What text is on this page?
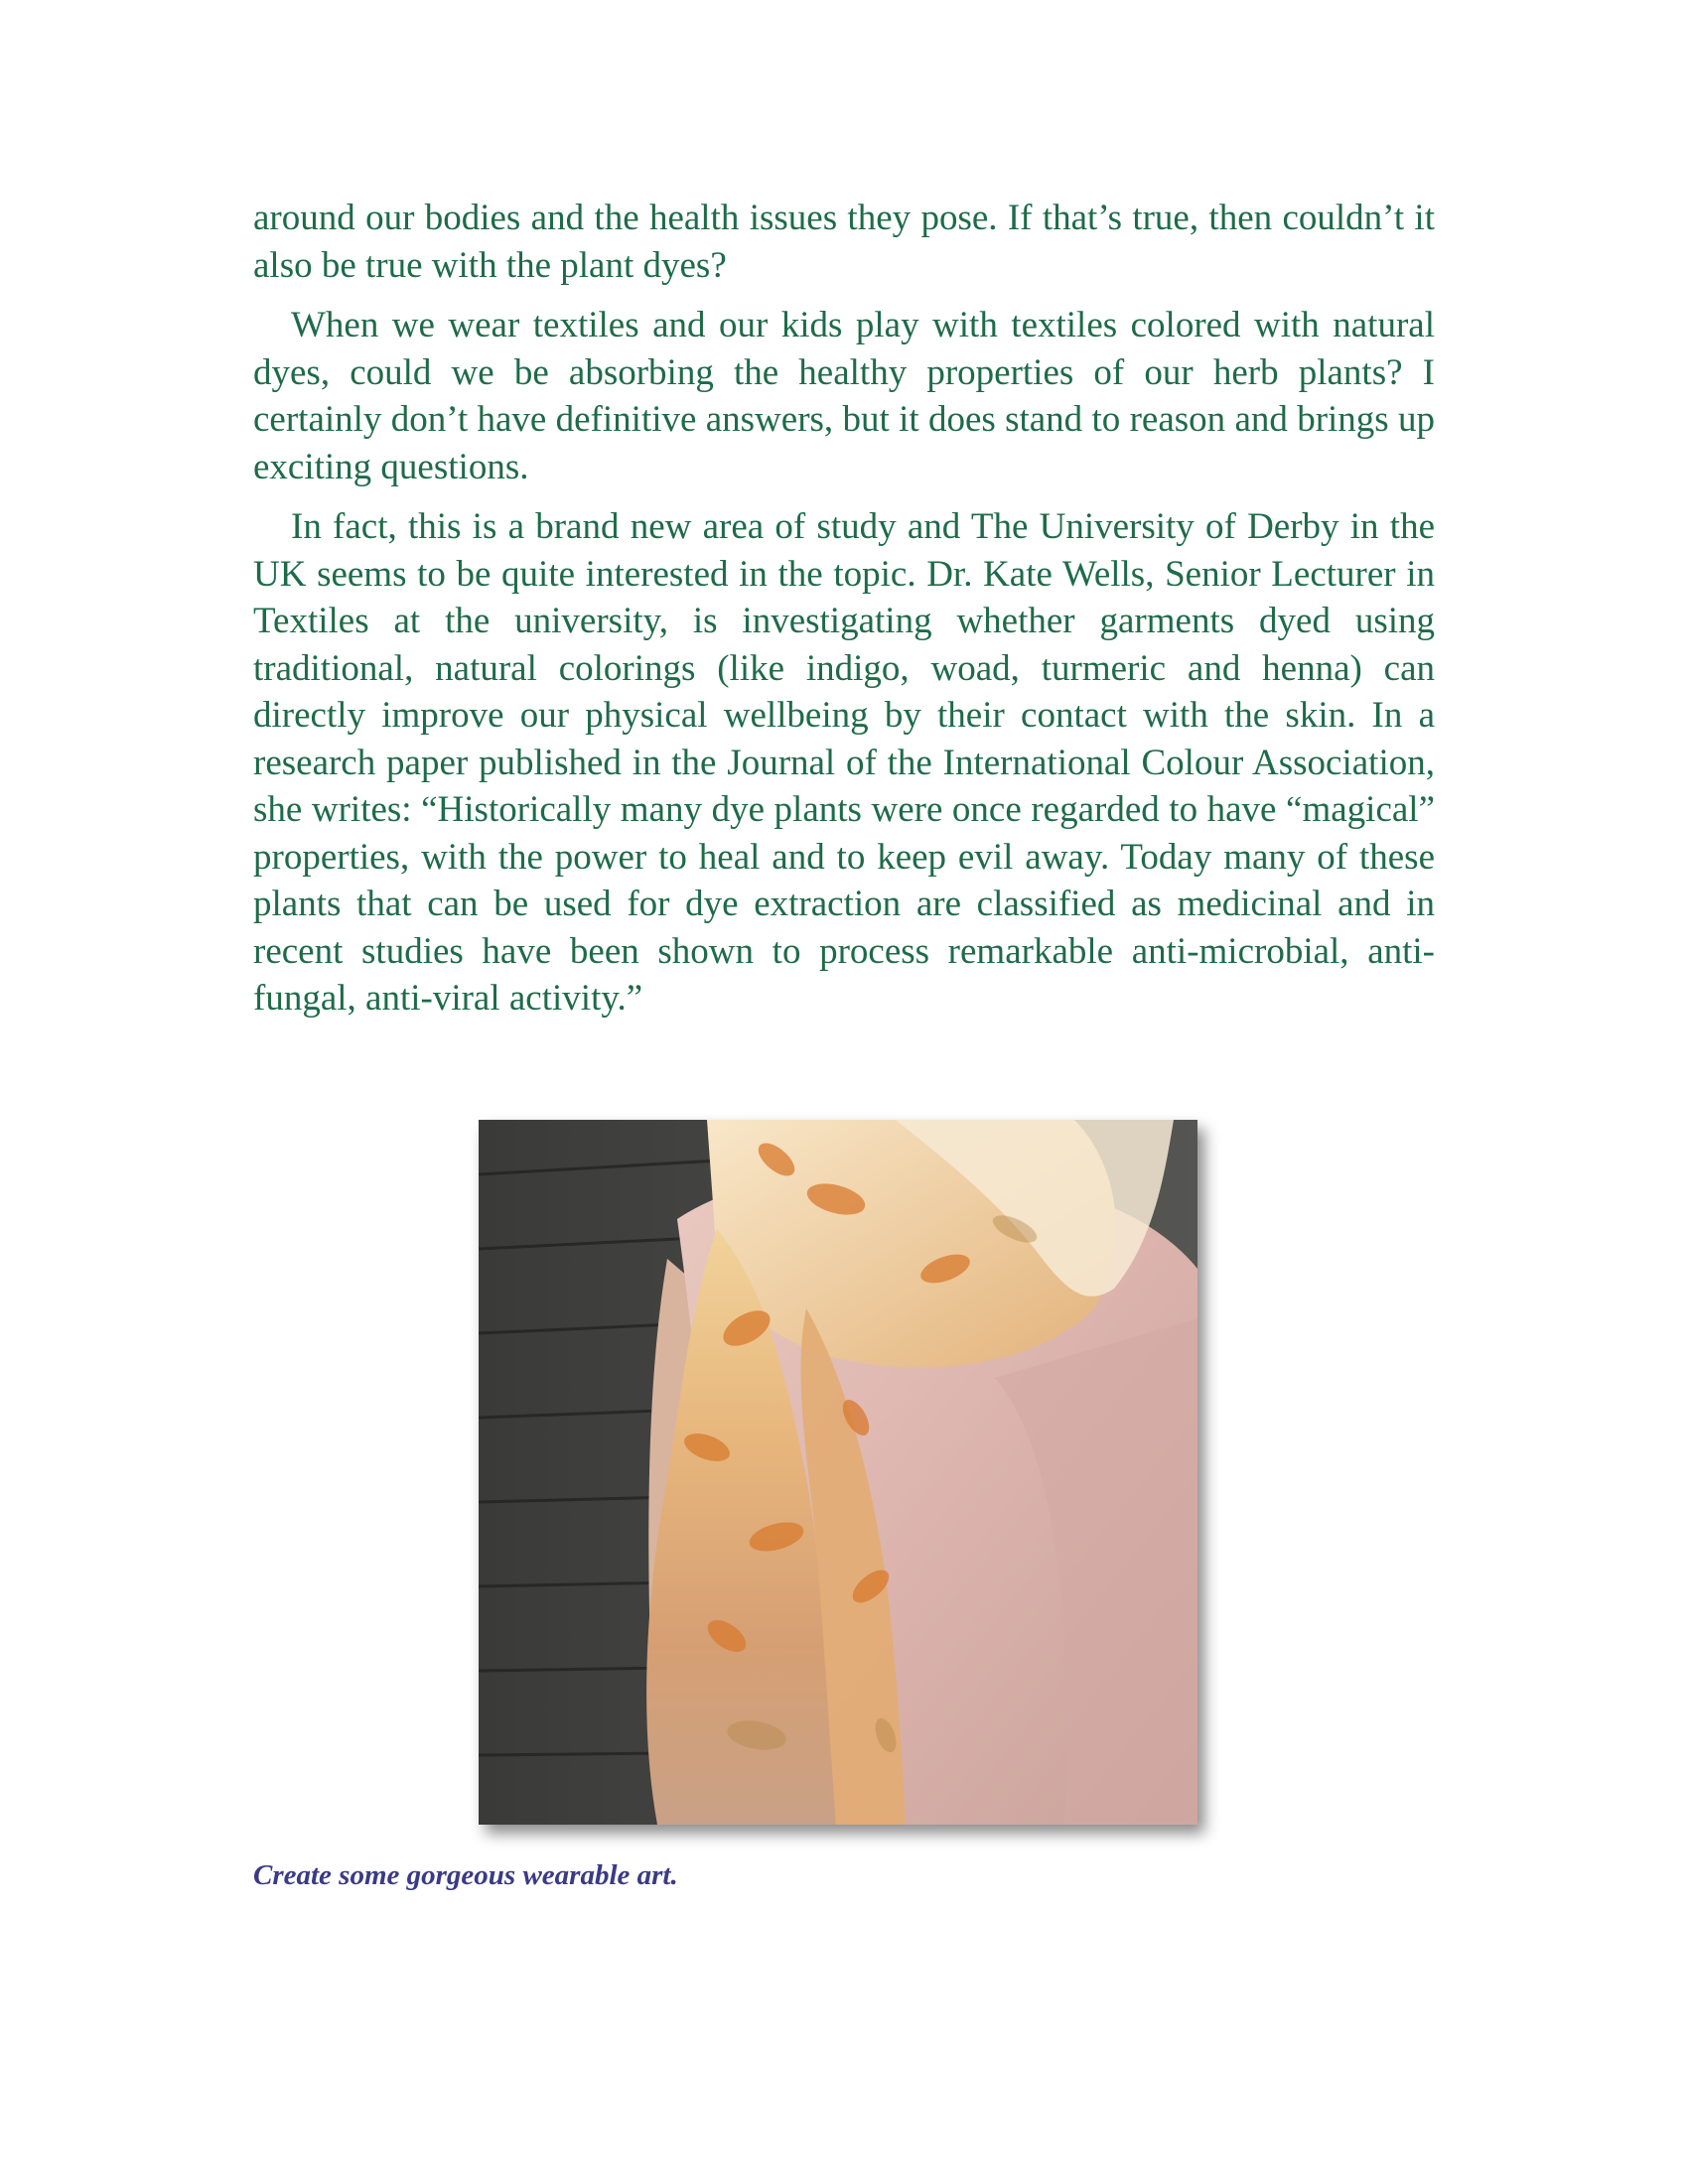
around our bodies and the health issues they pose. If that’s true, then couldn’t it also be true with the plant dyes?

When we wear textiles and our kids play with textiles colored with natural dyes, could we be absorbing the healthy properties of our herb plants? I certainly don’t have definitive answers, but it does stand to reason and brings up exciting questions.

In fact, this is a brand new area of study and The University of Derby in the UK seems to be quite interested in the topic. Dr. Kate Wells, Senior Lecturer in Textiles at the university, is investigating whether garments dyed using traditional, natural colorings (like indigo, woad, turmeric and henna) can directly improve our physical wellbeing by their contact with the skin. In a research paper published in the Journal of the International Colour Association, she writes: “Historically many dye plants were once regarded to have “magical” properties, with the power to heal and to keep evil away. Today many of these plants that can be used for dye extraction are classified as medicinal and in recent studies have been shown to process remarkable anti-microbial, anti-fungal, anti-viral activity.”

Create some gorgeous wearable art.
